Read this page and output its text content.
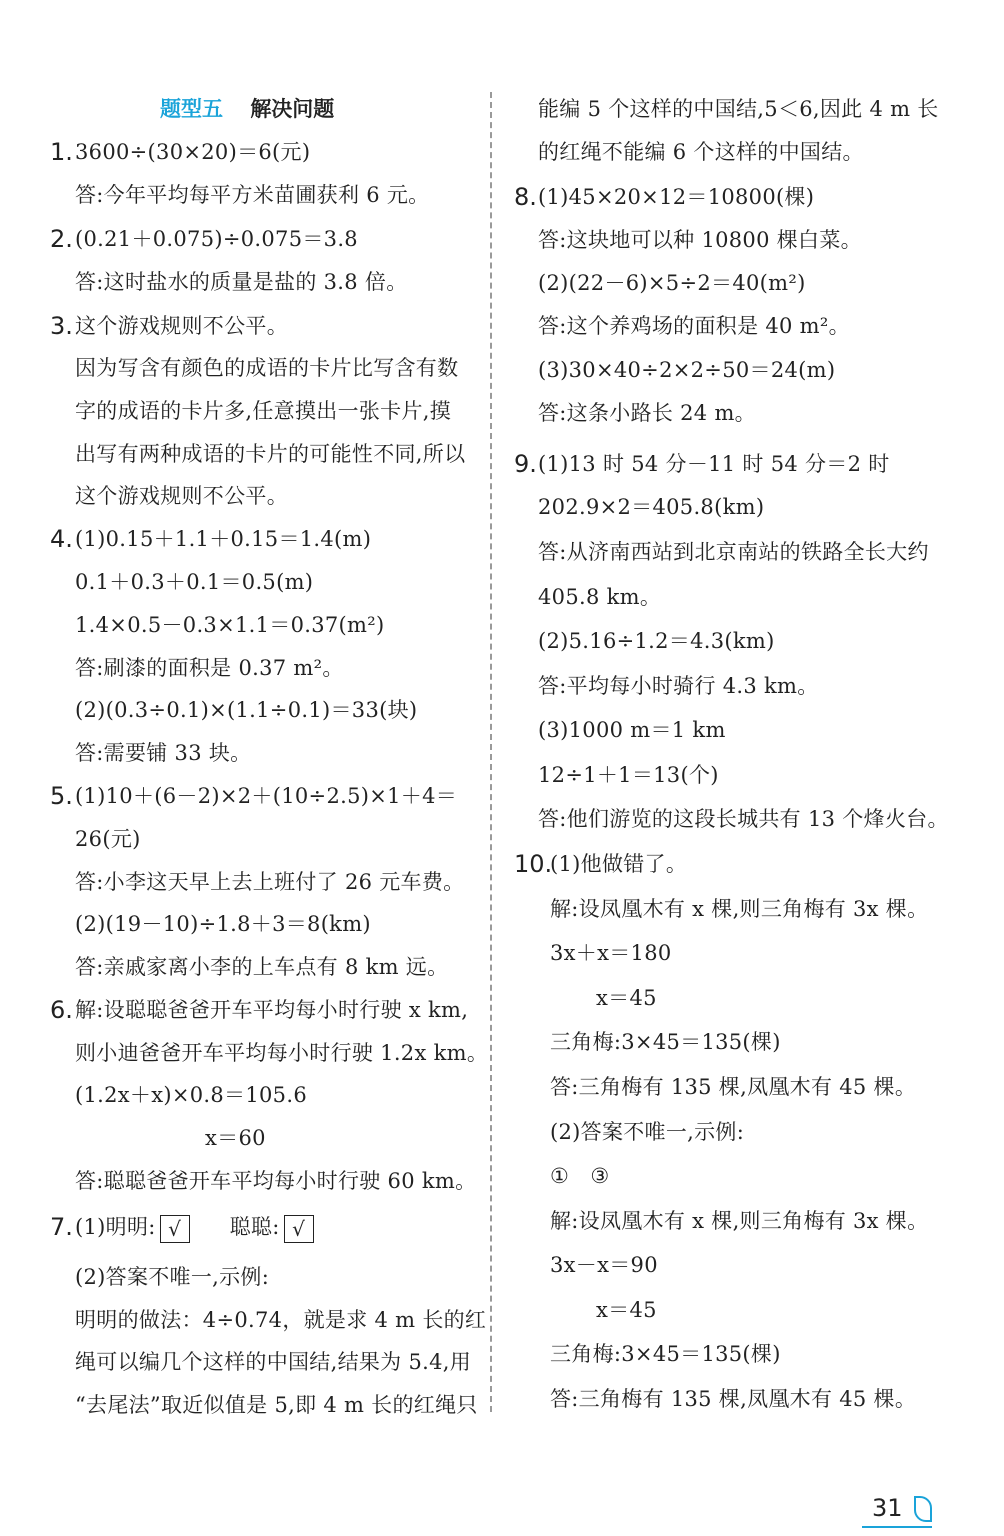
题型五 解决问题
1. 3600÷(30×20)＝6(元)
答:今年平均每平方米苗圃获利 6 元。
2. (0.21＋0.075)÷0.075＝3.8
答:这时盐水的质量是盐的 3.8 倍。
3. 这个游戏规则不公平。
因为写含有颜色的成语的卡片比写含有数
字的成语的卡片多,任意摸出一张卡片,摸
出写有两种成语的卡片的可能性不同,所以
这个游戏规则不公平。
4. (1)0.15＋1.1＋0.15＝1.4(m)
0.1＋0.3＋0.1＝0.5(m)
1.4×0.5－0.3×1.1＝0.37(m²)
答:刷漆的面积是 0.37 m²。
(2)(0.3÷0.1)×(1.1÷0.1)＝33(块)
答:需要铺 33 块。
5. (1)10＋(6－2)×2＋(10÷2.5)×1＋4＝
26(元)
答:小李这天早上去上班付了 26 元车费。
(2)(19－10)÷1.8＋3＝8(km)
答:亲戚家离小李的上车点有 8 km 远。
6. 解:设聪聪爸爸开车平均每小时行驶 x km,
则小迪爸爸开车平均每小时行驶 1.2x km。
(1.2x＋x)×0.8＝105.6
x＝60
答:聪聪爸爸开车平均每小时行驶 60 km。
7. (1)明明: √ 聪聪: √
(2)答案不唯一,示例:
明明的做法：4÷0.74，就是求 4 m 长的红
绳可以编几个这样的中国结,结果为 5.4,用
“去尾法”取近似值是 5,即 4 m 长的红绳只
能编 5 个这样的中国结,5＜6,因此 4 m 长
的红绳不能编 6 个这样的中国结。
8. (1)45×20×12＝10800(棵)
答:这块地可以种 10800 棵白菜。
(2)(22－6)×5÷2＝40(m²)
答:这个养鸡场的面积是 40 m²。
(3)30×40÷2×2÷50＝24(m)
答:这条小路长 24 m。
9. (1)13 时 54 分－11 时 54 分＝2 时
202.9×2＝405.8(km)
答:从济南西站到北京南站的铁路全长大约
405.8 km。
(2)5.16÷1.2＝4.3(km)
答:平均每小时骑行 4.3 km。
(3)1000 m＝1 km
12÷1＋1＝13(个)
答:他们游览的这段长城共有 13 个烽火台。
10.
(1)他做错了。
解:设凤凰木有 x 棵,则三角梅有 3x 棵。
3x＋x＝180
x＝45
三角梅:3×45＝135(棵)
答:三角梅有 135 棵,凤凰木有 45 棵。
(2)答案不唯一,示例:
①　③
解:设凤凰木有 x 棵,则三角梅有 3x 棵。
3x－x＝90
x＝45
三角梅:3×45＝135(棵)
答:三角梅有 135 棵,凤凰木有 45 棵。
31
